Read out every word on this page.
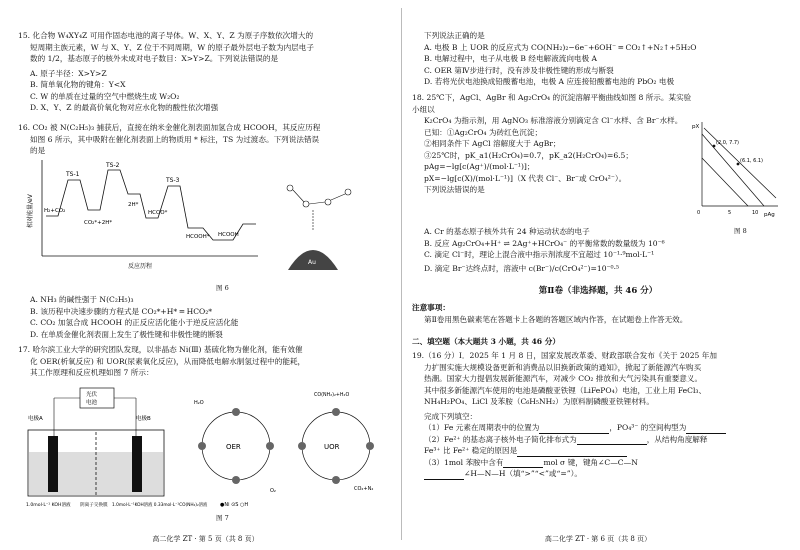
15. 化合物 W₄XY₄Z 可用作固态电池的离子导体。W、X、Y、Z 为原子序数依次增大的

短周期主族元素，W 与 X、Y、Z 位于不同周期，W 的原子最外层电子数为内层电子

数的 1/2，基态原子的核外未成对电子数目：X>Y>Z。下列说法错误的是

A. 原子半径：X>Y>Z

B. 简单氧化物的键角：Y<X

C. W 的单质在过量的空气中燃烧生成 W₂O₂

D. X、Y、Z 的最高价氧化物对应水化物的酸性依次增强

16. CO₂ 被 N(C₂H₅)₃ 捕获后，直接在纳米金催化剂表面加氢合成 HCOOH，其反应历程

如图 6 所示，其中吸附在催化剂表面上的物质用 * 标注，TS 为过渡态。下列说法错误

的是

相对能量/eV
反应历程
TS-1
TS-2
TS-3
H₂+CO₂
CO₂*+2H*
2H*
HCOO*
HCOOH* HCOOH
Au
图 6

A. NH₃ 的碱性强于 N(C₂H₅)₃

B. 该历程中决速步骤的方程式是 CO₂*+H* ═ HCO₂*

C. CO₂ 加氢合成 HCOOH 的正反应活化能小于逆反应活化能

D. 在单质金催化剂表面上发生了极性键和非极性键的断裂

17. 哈尔滨工业大学的研究团队发现，以非晶态 Ni(Ⅲ) 基硫化物为催化剂，能有效催

化 OER(析氧反应) 和 UOR(尿素氧化反应)，从而降低电解水制氢过程中的能耗，

其工作原理和反应机理如图 7 所示：

光伏
电池
电极A	电极B
1.0mol·L⁻¹ KOH溶液 阴离子交换膜 1.0mol·L⁻¹KOH溶液 0.33mol·L⁻¹CO(NH₂)₂溶液
OER
H₂O
O₂
UOR
CO(NH₂)₂+H₂O
CO₂+N₂
●Ni ⊙S ○H
图 7
高二化学 ZT · 第 5 页（共 8 页）

下列说法正确的是

A. 电极 B 上 UOR 的反应式为 CO(NH₂)₂−6e⁻+6OH⁻ ═ CO₂↑+N₂↑+5H₂O

B. 电解过程中，电子从电极 B 经电解液流向电极 A

C. OER 第Ⅳ步进行时，没有涉及非极性键的形成与断裂

D. 若将光伏电池换成铅酸蓄电池，电极 A 应连接铅酸蓄电池的 PbO₂ 电极

18. 25℃下，AgCl、AgBr 和 Ag₂CrO₄ 的沉淀溶解平衡曲线如图 8 所示。某实验小组以

K₂CrO₄ 为指示剂，用 AgNO₃ 标准溶液分别滴定含 Cl⁻水样、含 Br⁻水样。

已知：①Ag₂CrO₄ 为砖红色沉淀；

②相同条件下 AgCl 溶解度大于 AgBr；

③25℃时，pK_a1(H₂CrO₄)=0.7，pK_a2(H₂CrO₄)=6.5；

pAg=−lg[c(Ag⁺)/(mol·L⁻¹)]；

pX=−lg[c(X)/(mol·L⁻¹)]（X 代表 Cl⁻、Br⁻或 CrO₄²⁻）。

下列说法错误的是

pX
pAg
0	5	10
(2.0, 7.7)
(6.1, 6.1)
图 8

A. Cr 的基态原子核外共有 24 种运动状态的电子

B. 反应 Ag₂CrO₄+H⁺ ⇌ 2Ag⁺+HCrO₄⁻ 的平衡常数的数量级为 10⁻⁶

C. 滴定 Cl⁻时，理论上混合液中指示剂浓度不宜超过 10⁻¹·⁹mol·L⁻¹

D. 滴定 Br⁻达终点时，溶液中 c(Br⁻)/c(CrO₄²⁻)=10⁻⁰·⁵

第Ⅱ卷（非选择题，共 46 分）

注意事项：

第Ⅱ卷用黑色碳素笔在答题卡上各题的答题区域内作答，在试题卷上作答无效。

二、填空题（本大题共 3 小题，共 46 分）

19.（16 分）Ⅰ．2025 年 1 月 8 日，国家发展改革委、财政部联合发布《关于 2025 年加

力扩围实施大规模设备更新和消费品以旧换新政策的通知》，掀起了新能源汽车购买

热潮。国家大力提倡发展新能源汽车，对减少 CO₂ 排放和大气污染具有重要意义。

其中很多新能源汽车使用的电池是磷酸亚铁锂（LiFePO₄）电池，工业上用 FeCl₃、

NH₄H₂PO₄、LiCl 及苯胺（C₆H₅NH₂）为原料制磷酸亚铁锂材料。

完成下列填空：

（1）Fe 元素在周期表中的位置为	，PO₄³⁻ 的空间构型为

（2）Fe²⁺ 的基态离子核外电子简化排布式为	，从结构角度解释

Fe³⁺ 比 Fe²⁺ 稳定的原因是

（3）1mol 苯胺中含有	mol σ 键，键角∠C—C—N

∠H—N—H（填“>”“<”或“=”）。

高二化学 ZT · 第 6 页（共 8 页）
